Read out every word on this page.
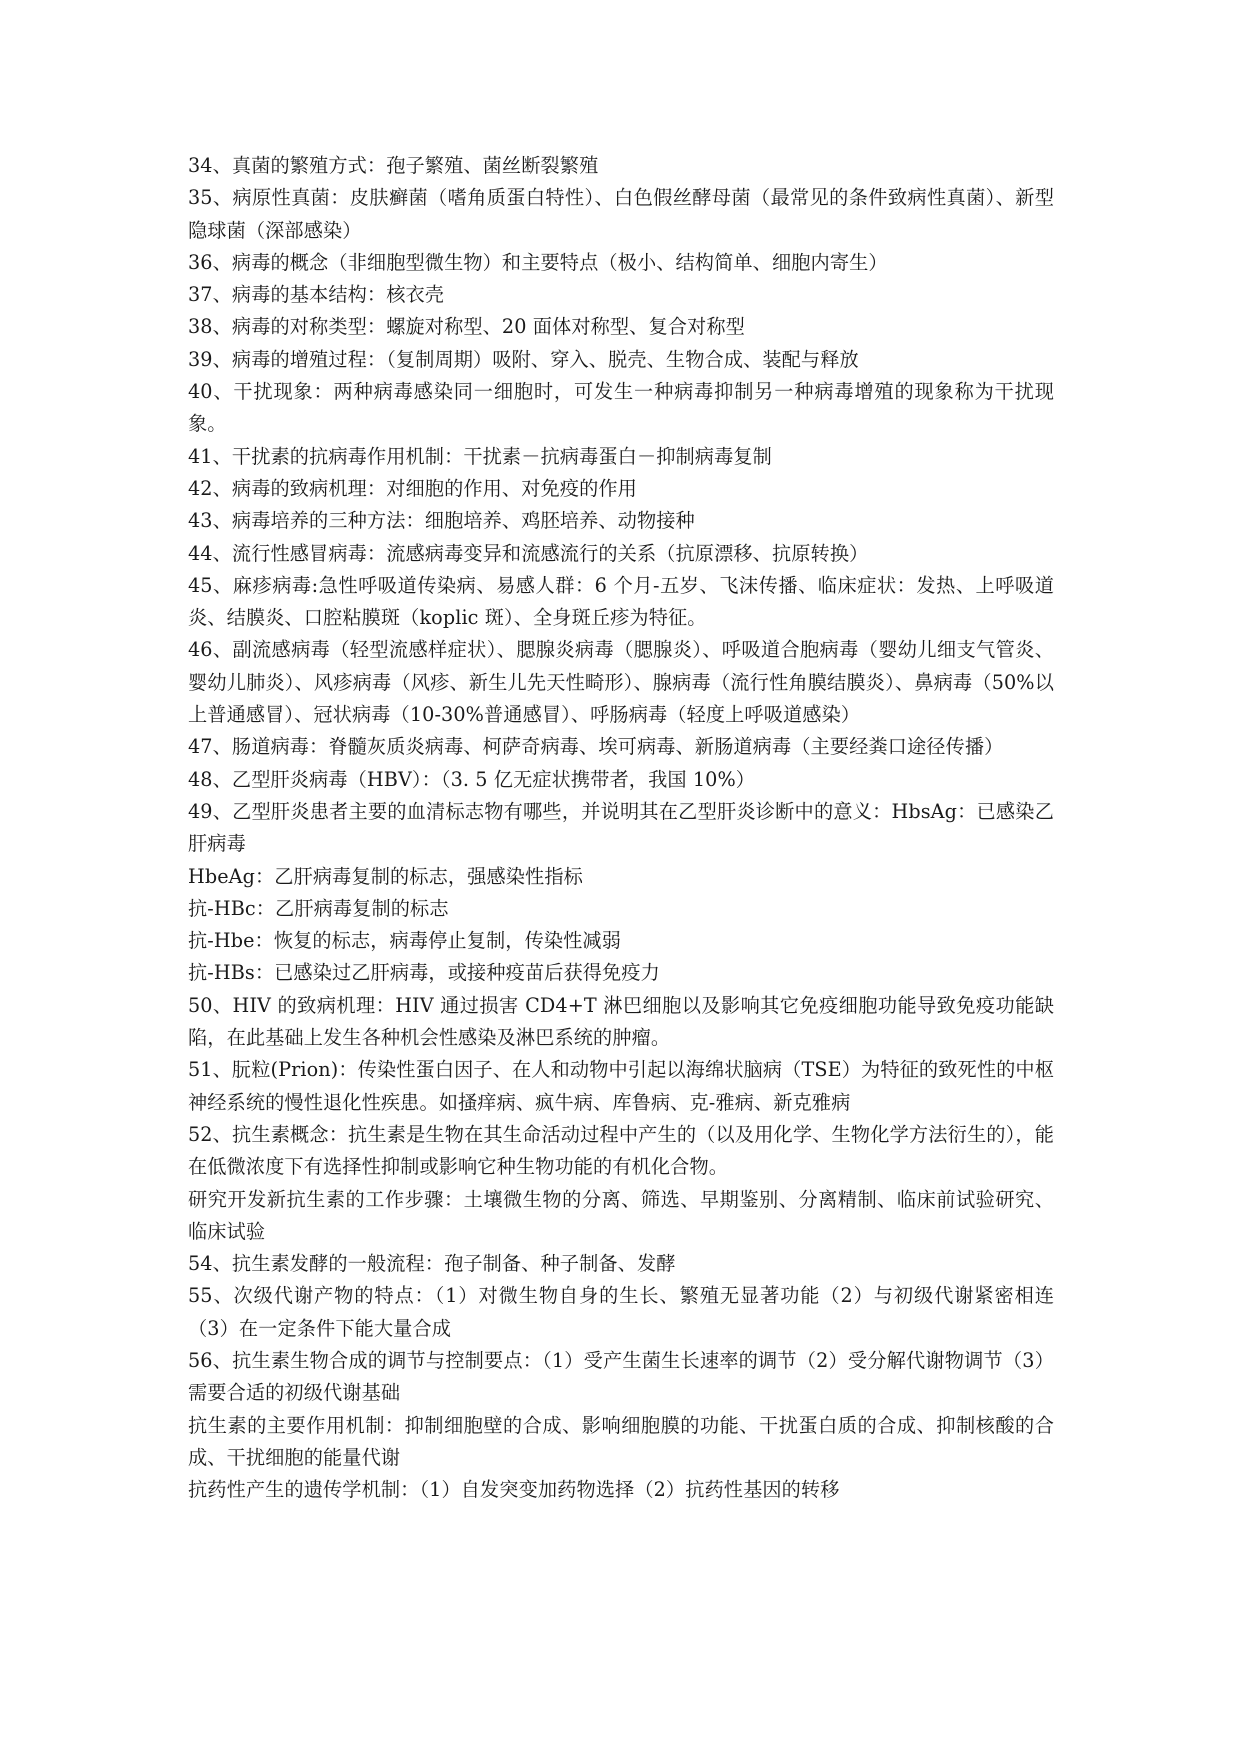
34、真菌的繁殖方式：孢子繁殖、菌丝断裂繁殖

35、病原性真菌：皮肤癣菌（嗜角质蛋白特性）、白色假丝酵母菌（最常见的条件致病性真菌）、新型隐球菌（深部感染）

36、病毒的概念（非细胞型微生物）和主要特点（极小、结构简单、细胞内寄生）

37、病毒的基本结构：核衣壳

38、病毒的对称类型：螺旋对称型、20 面体对称型、复合对称型

39、病毒的增殖过程：（复制周期）吸附、穿入、脱壳、生物合成、装配与释放

40、干扰现象：两种病毒感染同一细胞时，可发生一种病毒抑制另一种病毒增殖的现象称为干扰现象。

41、干扰素的抗病毒作用机制：干扰素－抗病毒蛋白－抑制病毒复制

42、病毒的致病机理：对细胞的作用、对免疫的作用

43、病毒培养的三种方法：细胞培养、鸡胚培养、动物接种

44、流行性感冒病毒：流感病毒变异和流感流行的关系（抗原漂移、抗原转换）

45、麻疹病毒:急性呼吸道传染病、易感人群：6 个月-五岁、飞沫传播、临床症状：发热、上呼吸道炎、结膜炎、口腔粘膜斑（koplic 斑）、全身斑丘疹为特征。

46、副流感病毒（轻型流感样症状）、腮腺炎病毒（腮腺炎）、呼吸道合胞病毒（婴幼儿细支气管炎、婴幼儿肺炎）、风疹病毒（风疹、新生儿先天性畸形）、腺病毒（流行性角膜结膜炎）、鼻病毒（50%以上普通感冒）、冠状病毒（10-30%普通感冒）、呼肠病毒（轻度上呼吸道感染）

47、肠道病毒：脊髓灰质炎病毒、柯萨奇病毒、埃可病毒、新肠道病毒（主要经粪口途径传播）

48、乙型肝炎病毒（HBV）：（3. 5 亿无症状携带者，我国 10%）

49、乙型肝炎患者主要的血清标志物有哪些，并说明其在乙型肝炎诊断中的意义：HbsAg：已感染乙肝病毒

HbeAg：乙肝病毒复制的标志，强感染性指标

抗-HBc：乙肝病毒复制的标志

抗-Hbe：恢复的标志，病毒停止复制，传染性减弱

抗-HBs：已感染过乙肝病毒，或接种疫苗后获得免疫力

50、HIV 的致病机理：HIV 通过损害 CD4+T 淋巴细胞以及影响其它免疫细胞功能导致免疫功能缺陷，在此基础上发生各种机会性感染及淋巴系统的肿瘤。

51、朊粒(Prion)：传染性蛋白因子、在人和动物中引起以海绵状脑病（TSE）为特征的致死性的中枢神经系统的慢性退化性疾患。如搔痒病、疯牛病、库鲁病、克-雅病、新克雅病

52、抗生素概念：抗生素是生物在其生命活动过程中产生的（以及用化学、生物化学方法衍生的），能在低微浓度下有选择性抑制或影响它种生物功能的有机化合物。

研究开发新抗生素的工作步骤：土壤微生物的分离、筛选、早期鉴别、分离精制、临床前试验研究、临床试验

54、抗生素发酵的一般流程：孢子制备、种子制备、发酵

55、次级代谢产物的特点：（1）对微生物自身的生长、繁殖无显著功能（2）与初级代谢紧密相连（3）在一定条件下能大量合成

56、抗生素生物合成的调节与控制要点：（1）受产生菌生长速率的调节（2）受分解代谢物调节（3）需要合适的初级代谢基础

抗生素的主要作用机制：抑制细胞壁的合成、影响细胞膜的功能、干扰蛋白质的合成、抑制核酸的合成、干扰细胞的能量代谢

抗药性产生的遗传学机制：（1）自发突变加药物选择（2）抗药性基因的转移
